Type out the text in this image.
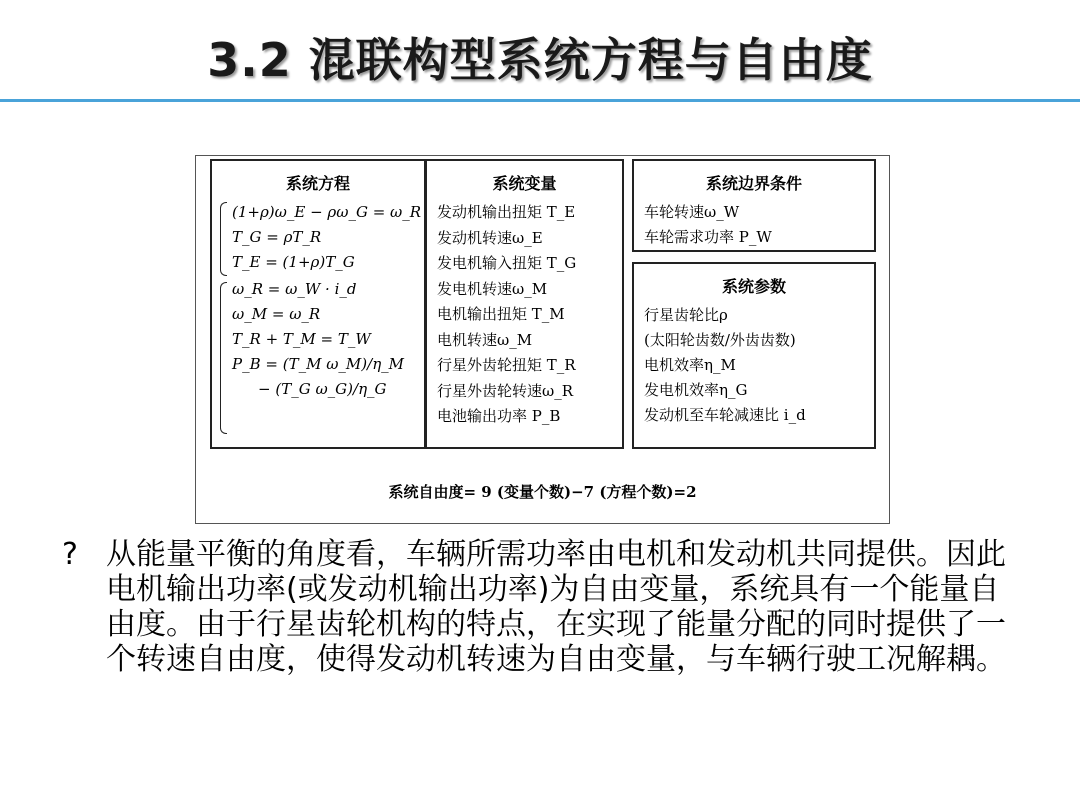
3.2 混联构型系统方程与自由度
系统方程
(1+ρ)ω_E − ρω_G = ω_R
T_G = ρT_R
T_E = (1+ρ)T_G
ω_R = ω_W · i_d
ω_M = ω_R
T_R + T_M = T_W
P_B = (T_M ω_M)/η_M
− (T_G ω_G)/η_G
系统变量
发动机输出扭矩 T_E
发动机转速ω_E
发电机输入扭矩 T_G
发电机转速ω_M
电机输出扭矩 T_M
电机转速ω_M
行星外齿轮扭矩 T_R
行星外齿轮转速ω_R
电池输出功率 P_B
系统边界条件
车轮转速ω_W
车轮需求功率 P_W
系统参数
行星齿轮比ρ
(太阳轮齿数/外齿齿数)
电机效率η_M
发电机效率η_G
发动机至车轮减速比 i_d
系统自由度= 9 (变量个数)−7 (方程个数)=2
? 从能量平衡的角度看，车辆所需功率由电机和发动机共同提供。因此电机输出功率(或发动机输出功率)为自由变量，系统具有一个能量自由度。由于行星齿轮机构的特点，在实现了能量分配的同时提供了一个转速自由度，使得发动机转速为自由变量，与车辆行驶工况解耦。
